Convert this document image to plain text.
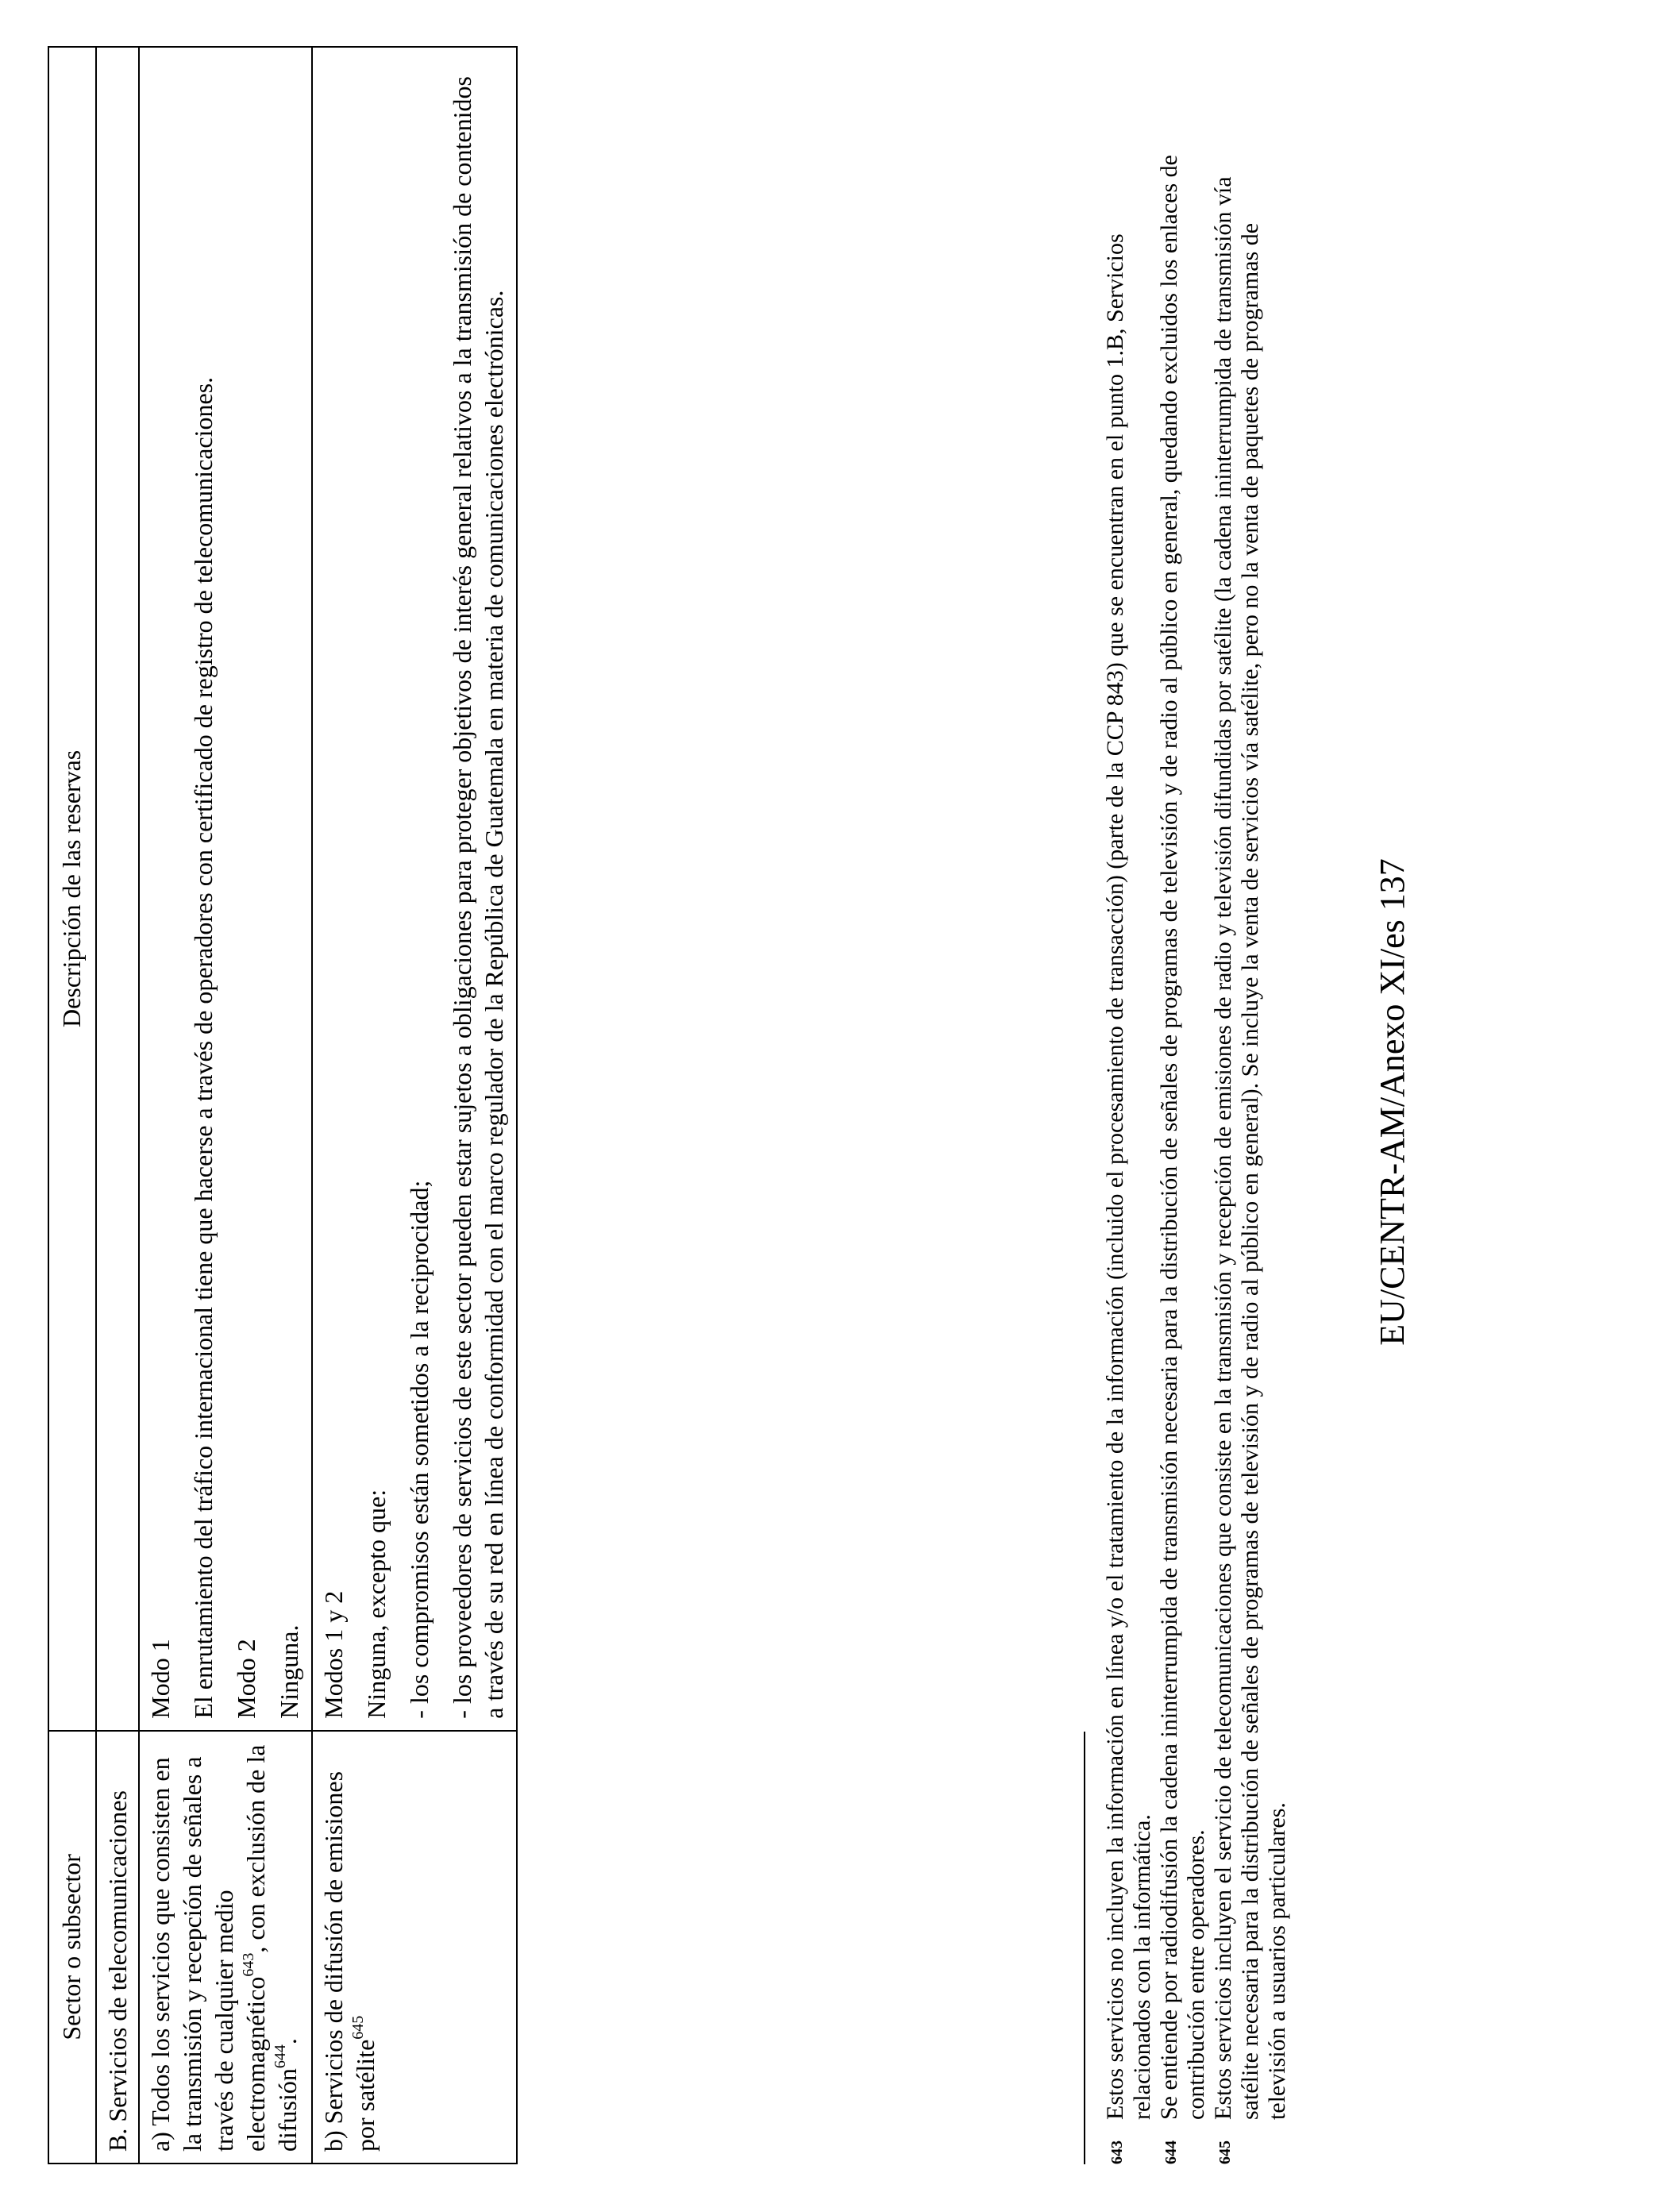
Sector o subsector	Descripción de las reservas
B. Servicios de telecomunicaciones	
a) Todos los servicios que consisten en la transmisión y recepción de señales a través de cualquier medio electromagnético$^{643}$, con exclusión de la difusión$^{644}$.	Modo 1 El enrutamiento del tráfico internacional tiene que hacerse a través de operadores con certificado de registro de telecomunicaciones. Modo 2 Ninguna.

b) Servicios de difusión de emisiones por satélite$^{645}$	Modos 1 y 2 Ninguna, excepto que: - los compromisos están sometidos a la reciprocidad; - los proveedores de servicios de este sector pueden estar sujetos a obligaciones para proteger objetivos de interés general relativos a la transmisión de contenidos a través de su red en línea de conformidad con el marco regulador de la República de Guatemala en materia de comunicaciones electrónicas.
643
Estos servicios no incluyen la información en línea y/o el tratamiento de la información (incluido el procesamiento de transacción) (parte de la CCP 843) que se encuentran en el punto 1.B, Servicios relacionados con la informática.
644
Se entiende por radiodifusión la cadena ininterrumpida de transmisión necesaria para la distribución de señales de programas de televisión y de radio al público en general, quedando excluidos los enlaces de contribución entre operadores.
645
Estos servicios incluyen el servicio de telecomunicaciones que consiste en la transmisión y recepción de emisiones de radio y televisión difundidas por satélite (la cadena ininterrumpida de transmisión vía satélite necesaria para la distribución de señales de programas de televisión y de radio al público en general). Se incluye la venta de servicios vía satélite, pero no la venta de paquetes de programas de televisión a usuarios particulares.
EU/CENTR-AM/Anexo XI/es 137
